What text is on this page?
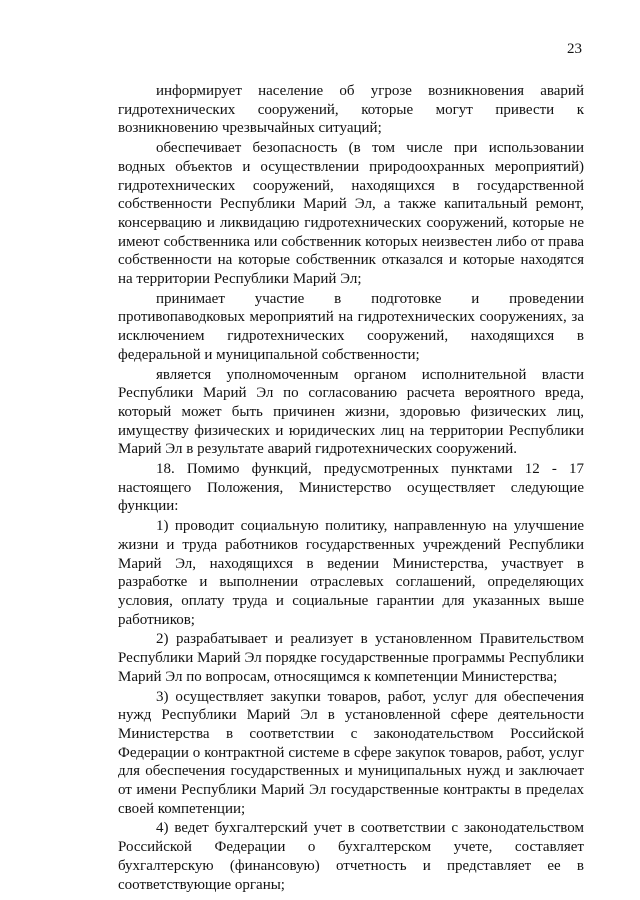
23

информирует население об угрозе возникновения аварий гидротехнических сооружений, которые могут привести к возникновению чрезвычайных ситуаций;

обеспечивает безопасность (в том числе при использовании водных объектов и осуществлении природоохранных мероприятий) гидротехнических сооружений, находящихся в государственной собственности Республики Марий Эл, а также капитальный ремонт, консервацию и ликвидацию гидротехнических сооружений, которые не имеют собственника или собственник которых неизвестен либо от права собственности на которые собственник отказался и которые находятся на территории Республики Марий Эл;

принимает участие в подготовке и проведении противопаводковых мероприятий на гидротехнических сооружениях, за исключением гидротехнических сооружений, находящихся в федеральной и муниципальной собственности;

является уполномоченным органом исполнительной власти Республики Марий Эл по согласованию расчета вероятного вреда, который может быть причинен жизни, здоровью физических лиц, имуществу физических и юридических лиц на территории Республики Марий Эл в результате аварий гидротехнических сооружений.

18. Помимо функций, предусмотренных пунктами 12 - 17 настоящего Положения, Министерство осуществляет следующие функции:

1) проводит социальную политику, направленную на улучшение жизни и труда работников государственных учреждений Республики Марий Эл, находящихся в ведении Министерства, участвует в разработке и выполнении отраслевых соглашений, определяющих условия, оплату труда и социальные гарантии для указанных выше работников;

2) разрабатывает и реализует в установленном Правительством Республики Марий Эл порядке государственные программы Республики Марий Эл по вопросам, относящимся к компетенции Министерства;

3) осуществляет закупки товаров, работ, услуг для обеспечения нужд Республики Марий Эл в установленной сфере деятельности Министерства в соответствии с законодательством Российской Федерации о контрактной системе в сфере закупок товаров, работ, услуг для обеспечения государственных и муниципальных нужд и заключает от имени Республики Марий Эл государственные контракты в пределах своей компетенции;

4) ведет бухгалтерский учет в соответствии с законодательством Российской Федерации о бухгалтерском учете, составляет бухгалтерскую (финансовую) отчетность и представляет ее в соответствующие органы;
